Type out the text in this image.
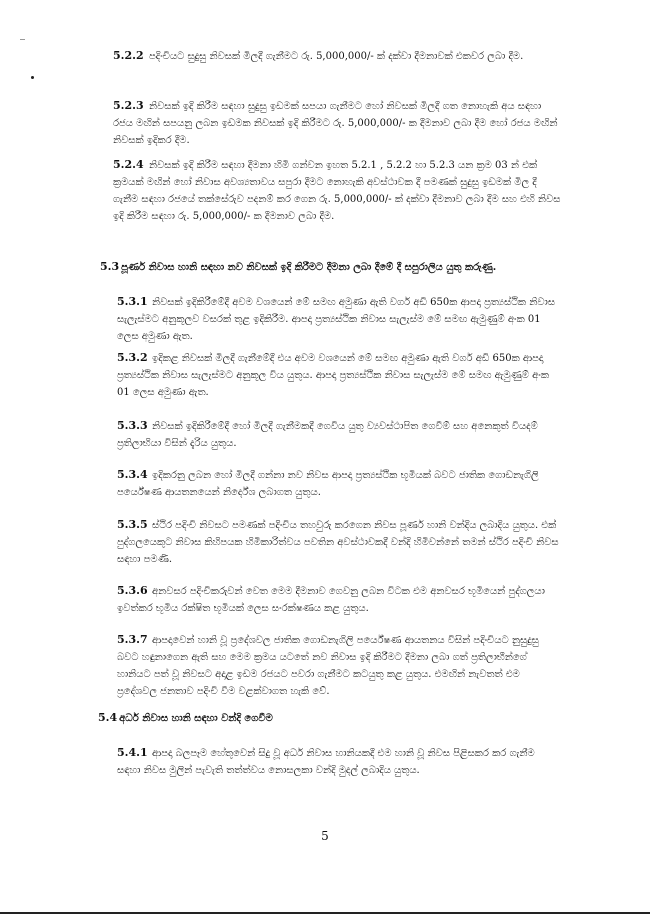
5.2.2 පදිංචියට සුදුසු නිවසක් මිලදී ගැනීමට රු. 5,000,000/- ක් දක්වා දීමනාවක් එකවර ලබා දීම.
5.2.3 නිවසක් ඉදි කිරීම සඳහා සුදුසු ඉඩමක් සපයා ගැනීමට හෝ නිවසක් මිලදී ගත නොහැකි අය සඳහා රජය මඟින් සපයනු ලබන ඉඩමක නිවසක් ඉදි කිරීමට රු. 5,000,000/- ක දීමනාව ලබා දීම හෝ රජය මඟින් නිවසක් ඉදිකර දීම.
5.2.4 නිවසක් ඉදි කිරීම සඳහා දීමනා හිමි ගන්වන ඉහත 5.2.1 , 5.2.2 හා 5.2.3 යන ක්‍රම 03 න් එක් ක්‍රමයක් මඟින් හෝ නිවාස අවශ්‍යතාවය සපුරා දීමට නොහැකි අවස්ථාවක දී පමණක් සුදුසු ඉඩමක් මිල දී ගැනීම සඳහා රජයේ තක්සේරුව පදනම් කර ගෙන රු. 5,000,000/- ක් දක්වා දීමනාව ලබා දීම සහ එහි නිවස ඉදි කිරීම සඳහා රු. 5,000,000/- ක දීමනාව ලබා දීම.
5.3 පූර්ණ නිවාස හානි සඳහා නව නිවසක් ඉදි කිරීමට දීමනා ලබා දීමේ දී සපුරාලිය යුතු කරුණු.
5.3.1 නිවසක් ඉදිකිරීමේදී අවම වශයෙන් මේ සමඟ අමුණා ඇති වර්ග අඩි 650ක ආපදා ප්‍රත්‍යස්ථික නිවාස සැලැස්මට අනුකූලව වසරක් තුළ ඉදිකිරීම. ආපදා ප්‍රත්‍යස්ථික නිවාස සැලැස්ම මේ සමඟ ඇමුණුම් අංක 01 ලෙස අමුණා ඇත.
5.3.2 ඉදිකළ නිවසක් මිලදී ගැනීමේදී එය අවම වශයෙන් මේ සමඟ අමුණා ඇති වර්ග අඩි 650ක ආපදා ප්‍රත්‍යස්ථික නිවාස සැලැස්මට අනුකූල විය යුතුය. ආපදා ප්‍රත්‍යස්ථික නිවාස සැලැස්ම මේ සමඟ ඇමුණුම් අංක 01 ලෙස අමුණා ඇත.
5.3.3 නිවසක් ඉදිකිරීමේදී හෝ මිලදී ගැනීමකදී ගෙවිය යුතු ව්‍යවස්ථාපිත ගෙවීම් සහ අනෙකුත් වියදම් ප්‍රතිලාභියා විසින් දැරිය යුතුය.
5.3.4 ඉදිකරනු ලබන හෝ මිලදී ගන්නා නව නිවස ආපදා ප්‍රත්‍යස්ථික භූමියක් බවට ජාතික ගොඩනැගිලි පර්යේෂණ ආයතනයෙන් නිර්දේශ ලබාගත යුතුය.
5.3.5 ස්ථිර පදිංචි නිවසට පමණක් පදිංචිය තහවුරු කරගෙන නිවස පූර්ණ හානි වන්දිය ලබාදිය යුතුය. එක් පුද්ගලයෙකුට නිවාස කිහිපයක හිමිකාරිත්වය පවතින අවස්ථාවකදී වන්දි හිමිවන්නේ තමන් ස්ථිර පදිංචි නිවස සඳහා පමණි.
5.3.6 අනවසර පදිංචිකරුවන් වෙත මෙම දීමනාව ගෙවනු ලබන විටක එම අනවසර භූමියෙන් පුද්ගලයා ඉවත්කර භූමිය රක්ෂිත භූමියක් ලෙස සංරක්ෂණය කළ යුතුය.
5.3.7 ආපදාවෙන් හානි වූ ප්‍රදේශවල ජාතික ගොඩනැගිලි පර්යේෂණ ආයතනය විසින් පදිංචියට නුසුදුසු බවට හඳුනාගෙන ඇති සහ මෙම ක්‍රමය යටතේ නව නිවාස ඉදි කිරීමට දීමනා ලබා ගත් ප්‍රතිලාභීන්ගේ හානියට පත් වූ නිවසට අදාළ ඉඩම රජයට පවරා ගැනීමට කටයුතු කළ යුතුය. එමඟින් නැවතත් එම ප්‍රදේශවල ජනතාව පදිංචි වීම වළක්වාගත හැකි වේ.
5.4 අර්ධ නිවාස හානි සඳහා වන්දි ගෙවීම
5.4.1 ආපදා බලපෑම හේතුවෙන් සිදු වූ අර්ධ නිවාස හානියකදී එම හානි වූ නිවස පිළිසකර කර ගැනීම සඳහා නිවස මුලින් පැවැති තත්ත්වය නොසලකා වන්දි මුදල් ලබාදිය යුතුය.
5
